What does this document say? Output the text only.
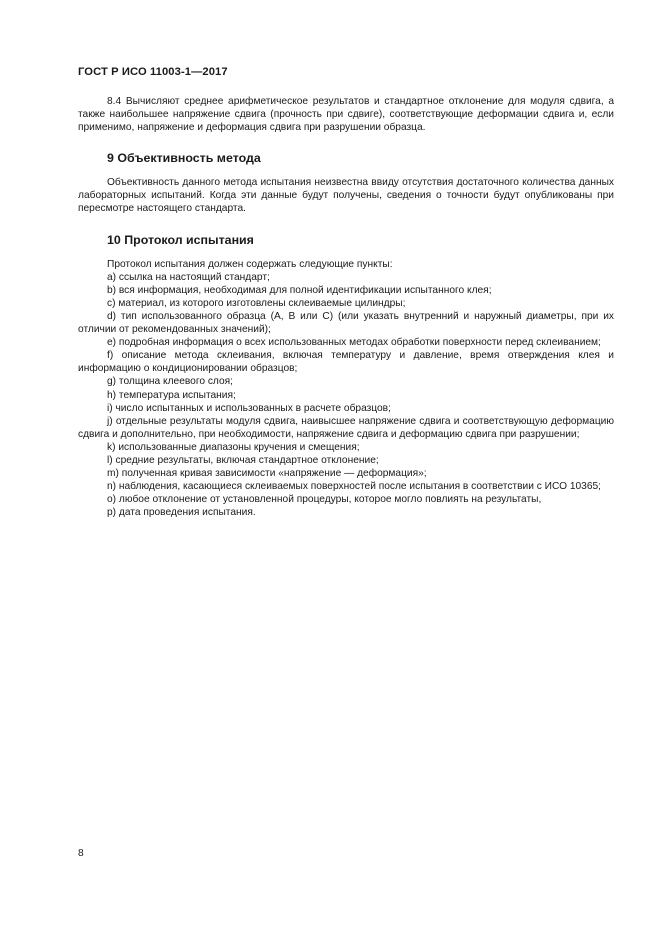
ГОСТ Р ИСО 11003-1—2017

8.4 Вычисляют среднее арифметическое результатов и стандартное отклонение для модуля сдвига, а также наибольшее напряжение сдвига (прочность при сдвиге), соответствующие деформации сдвига и, если применимо, напряжение и деформация сдвига при разрушении образца.

9 Объективность метода

Объективность данного метода испытания неизвестна ввиду отсутствия достаточного количества данных лабораторных испытаний. Когда эти данные будут получены, сведения о точности будут опубликованы при пересмотре настоящего стандарта.

10 Протокол испытания

Протокол испытания должен содержать следующие пункты:

a) ссылка на настоящий стандарт;

b) вся информация, необходимая для полной идентификации испытанного клея;

c) материал, из которого изготовлены склеиваемые цилиндры;

d) тип использованного образца (А, В или С) (или указать внутренний и наружный диаметры, при их отличии от рекомендованных значений);

e) подробная информация о всех использованных методах обработки поверхности перед склеиванием;

f) описание метода склеивания, включая температуру и давление, время отверждения клея и информацию о кондиционировании образцов;

g) толщина клеевого слоя;

h) температура испытания;

i) число испытанных и использованных в расчете образцов;

j) отдельные результаты модуля сдвига, наивысшее напряжение сдвига и соответствующую деформацию сдвига и дополнительно, при необходимости, напряжение сдвига и деформацию сдвига при разрушении;

k) использованные диапазоны кручения и смещения;

l) средние результаты, включая стандартное отклонение;

m) полученная кривая зависимости «напряжение — деформация»;

n) наблюдения, касающиеся склеиваемых поверхностей после испытания в соответствии с ИСО 10365;

o) любое отклонение от установленной процедуры, которое могло повлиять на результаты,

p) дата проведения испытания.

8
